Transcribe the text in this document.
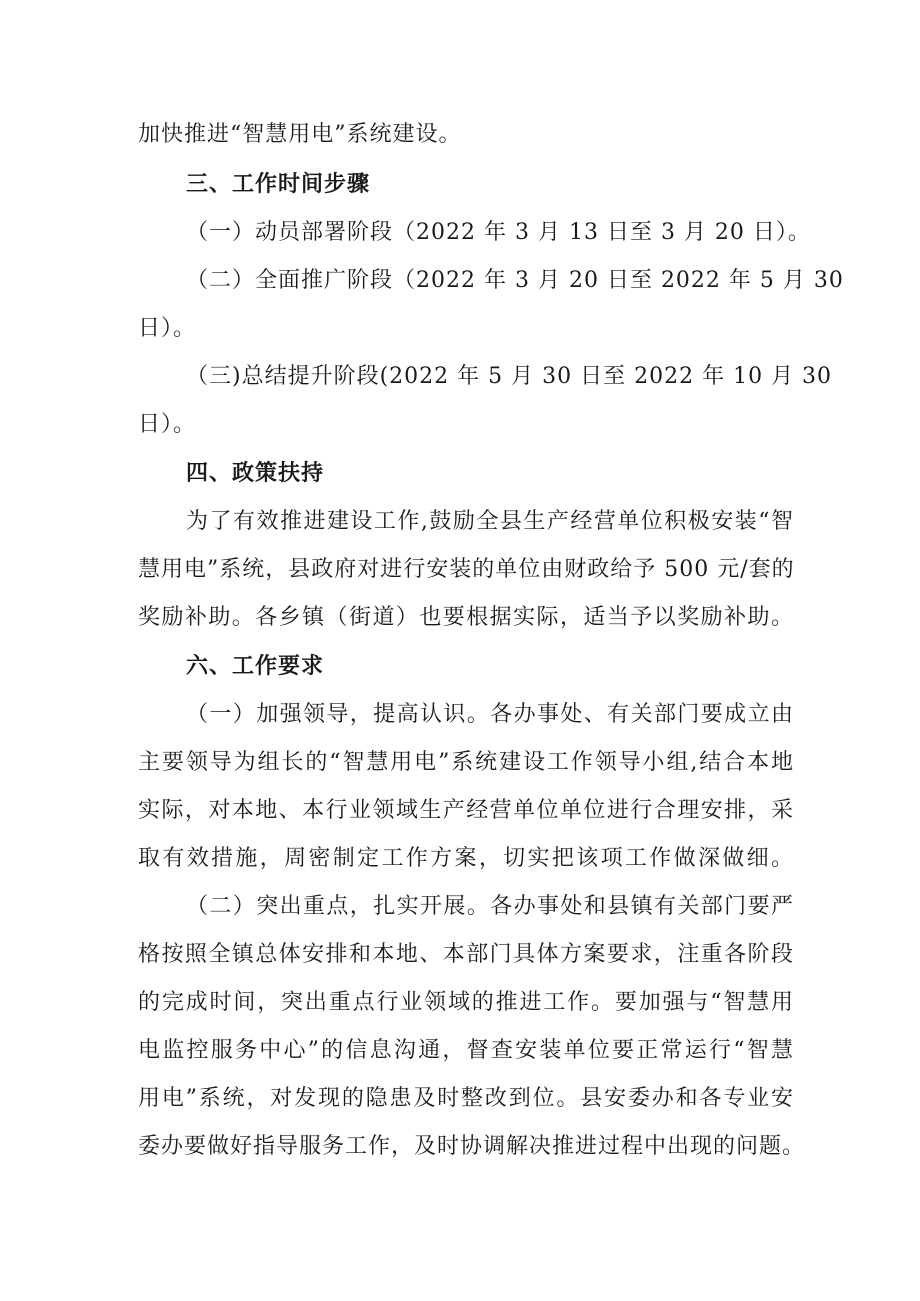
加快推进“智慧用电”系统建设。
三、工作时间步骤
（一）动员部署阶段（2022 年 3 月 13 日至 3 月 20 日）。
（二）全面推广阶段（2022 年 3 月 20 日至 2022 年 5 月 30
日）。
（三)总结提升阶段(2022 年 5 月 30 日至 2022 年 10 月 30
日）。
四、政策扶持
为了有效推进建设工作,鼓励全县生产经营单位积极安装“智
慧用电”系统，县政府对进行安装的单位由财政给予 500 元/套的
奖励补助。各乡镇（街道）也要根据实际，适当予以奖励补助。
六、工作要求
（一）加强领导，提高认识。各办事处、有关部门要成立由
主要领导为组长的“智慧用电”系统建设工作领导小组,结合本地
实际，对本地、本行业领域生产经营单位单位进行合理安排，采
取有效措施，周密制定工作方案，切实把该项工作做深做细。
（二）突出重点，扎实开展。各办事处和县镇有关部门要严
格按照全镇总体安排和本地、本部门具体方案要求，注重各阶段
的完成时间，突出重点行业领域的推进工作。要加强与“智慧用
电监控服务中心”的信息沟通，督查安装单位要正常运行“智慧
用电”系统，对发现的隐患及时整改到位。县安委办和各专业安
委办要做好指导服务工作，及时协调解决推进过程中出现的问题。
